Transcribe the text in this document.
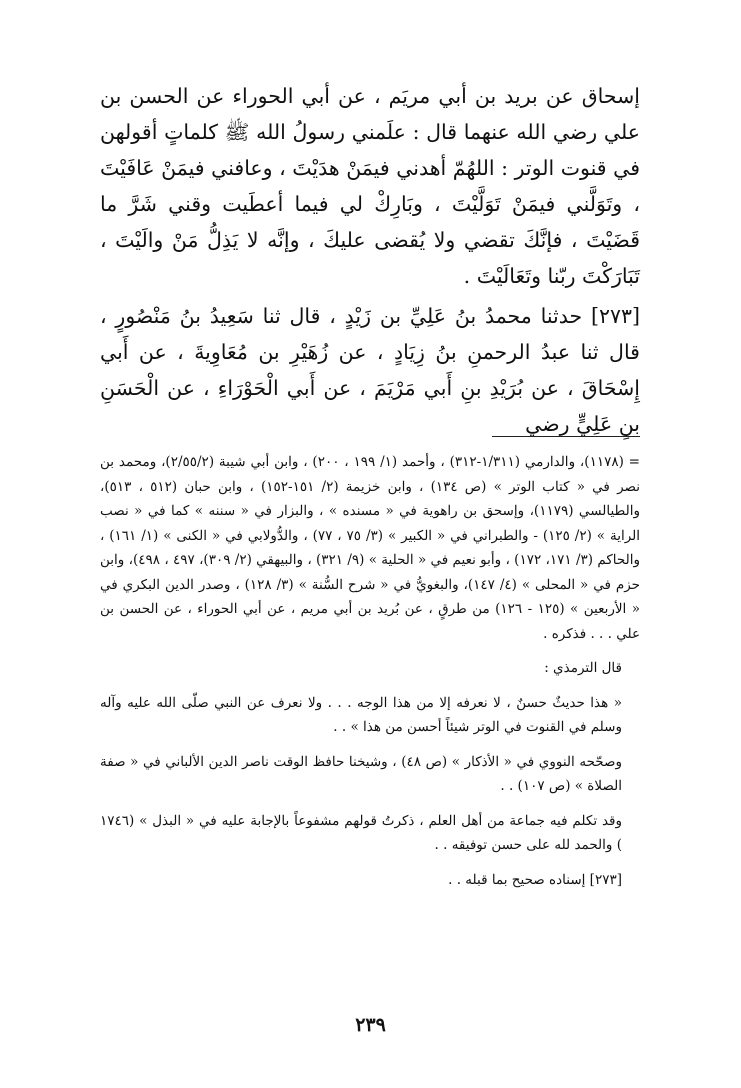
إسحاق عن بريد بن أبي مريَم ، عن أبي الحوراء عن الحسن بن علي رضي الله عنهما قال : علَمني رسولُ الله ﷺ كلماتٍ أقولهن في قنوت الوتر : اللهُمّ أهدني فيمَنْ هدَيْتَ ، وعافني فيمَنْ عَافَيْتَ ، وتَوَلَّني فيمَنْ تَوَلَّيْتَ ، وبَارِكْ لي فيما أعطَيت وقني شَرَّ ما قَضَيْتَ ، فإنَّكَ تقضي ولا يُقضى عليكَ ، وإنَّه لا يَذِلُّ مَنْ والَيْتَ ، تَبَارَكْتَ ربّنا وتَعَالَيْتَ .

[٢٧٣] حدثنا محمدُ بنُ عَلِيِّ بن زَيْدٍ ، قال ثنا سَعِيدُ بنُ مَنْصُورٍ ، قال ثنا عبدُ الرحمنِ بنُ زِيَادٍ ، عن زُهَيْرِ بن مُعَاوِيةَ ، عن أَبي إِسْحَاقَ ، عن بُرَيْدِ بنِ أَبي مَرْيَمَ ، عن أَبي الْحَوْرَاءِ ، عن الْحَسَنِ بنِ عَلِيٍّ رضي

= (١١٧٨)، والدارمي (١/٣١١-٣١٢) ، وأحمد (١/ ١٩٩ ، ٢٠٠) ، وابن أبي شيبة (٢/٥٥/٢)، ومحمد بن نصر في « كتاب الوتر » (ص ١٣٤) ، وابن خزيمة (٢/ ١٥١-١٥٢) ، وابن حبان (٥١٢ ، ٥١٣)، والطيالسي (١١٧٩)، وإسحق بن راهوية في « مسنده » ، والبزار في « سننه » كما في « نصب الراية » (٢/ ١٢٥) - والطبراني في « الكبير » (٣/ ٧٥ ، ٧٧) ، والدُّولابي في « الكنى » (١/ ١٦١) ، والحاكم (٣/ ١٧١، ١٧٢) ، وأبو نعيم في « الحلية » (٩/ ٣٢١) ، والبيهقي (٢/ ٣٠٩)، ٤٩٧ ، ٤٩٨)، وابن حزم في « المحلى » (٤/ ١٤٧)، والبغويُّ في « شرح السُّنة » (٣/ ١٢٨) ، وصدر الدين البكري في « الأربعين » (١٢٥ - ١٢٦) من طرقٍ ، عن بُريد بن أبي مريم ، عن أبي الحوراء ، عن الحسن بن علي . . . فذكره .

قال الترمذي :

« هذا حديثٌ حسنٌ ، لا نعرفه إلا من هذا الوجه . . . ولا نعرف عن النبي صلّى الله عليه وآله وسلم في القنوت في الوتر شيئاً أحسن من هذا » . .

وصحّحه النووي في « الأذكار » (ص ٤٨) ، وشيخنا حافظ الوقت ناصر الدين الألباني في « صفة الصلاة » (ص ١٠٧) . .

وقد تكلم فيه جماعة من أهل العلم ، ذكرتُ قولهم مشفوعاً بالإجابة عليه في « البذل » (١٧٤٦ ) والحمد لله على حسن توفيقه . .

[٢٧٣] إسناده صحيح بما قبله . .

٢٣٩
